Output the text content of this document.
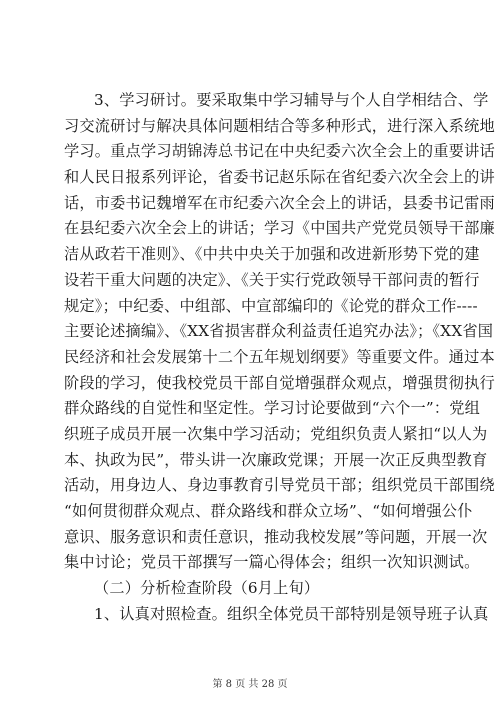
3、学习研讨。要采取集中学习辅导与个人自学相结合、学
习交流研讨与解决具体问题相结合等多种形式，进行深入系统地
学习。重点学习胡锦涛总书记在中央纪委六次全会上的重要讲话
和人民日报系列评论，省委书记赵乐际在省纪委六次全会上的讲
话，市委书记魏增军在市纪委六次全会上的讲话，县委书记雷雨
在县纪委六次全会上的讲话；学习《中国共产党党员领导干部廉
洁从政若干准则》、《中共中央关于加强和改进新形势下党的建
设若干重大问题的决定》、《关于实行党政领导干部问责的暂行
规定》；中纪委、中组部、中宣部编印的《论党的群众工作----
主要论述摘编》、《XX省损害群众利益责任追究办法》；《XX省国
民经济和社会发展第十二个五年规划纲要》等重要文件。通过本
阶段的学习，使我校党员干部自觉增强群众观点，增强贯彻执行
群众路线的自觉性和坚定性。学习讨论要做到“六个一”：党组
织班子成员开展一次集中学习活动；党组织负责人紧扣“以人为
本、执政为民”，带头讲一次廉政党课；开展一次正反典型教育
活动，用身边人、身边事教育引导党员干部；组织党员干部围绕
“如何贯彻群众观点、群众路线和群众立场”、“如何增强公仆
意识、服务意识和责任意识，推动我校发展”等问题，开展一次
集中讨论；党员干部撰写一篇心得体会；组织一次知识测试。
（二）分析检查阶段（6月上旬）
1、认真对照检查。组织全体党员干部特别是领导班子认真
第 8 页 共 28 页
